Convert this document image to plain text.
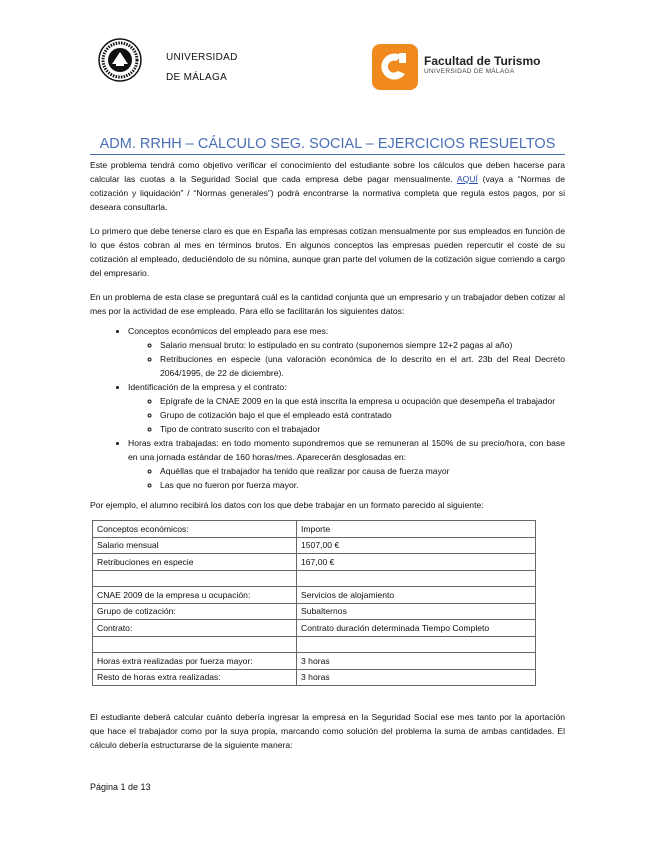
UNIVERSIDAD
DE MÁLAGA
Facultad de Turismo
UNIVERSIDAD DE MÁLAGA
ADM. RRHH – CÁLCULO SEG. SOCIAL – EJERCICIOS RESUELTOS

Este problema tendrá como objetivo verificar el conocimiento del estudiante sobre los cálculos que deben hacerse para calcular las cuotas a la Seguridad Social que cada empresa debe pagar mensualmente. AQUÍ (vaya a “Normas de cotización y liquidación” / “Normas generales”) podrá encontrarse la normativa completa que regula estos pagos, por si deseara consultarla.

Lo primero que debe tenerse claro es que en España las empresas cotizan mensualmente por sus empleados en función de lo que éstos cobran al mes en términos brutos. En algunos conceptos las empresas pueden repercutir el coste de su cotización al empleado, deduciéndolo de su nómina, aunque gran parte del volumen de la cotización sigue corriendo a cargo del empresario.

En un problema de esta clase se preguntará cuál es la cantidad conjunta que un empresario y un trabajador deben cotizar al mes por la actividad de ese empleado. Para ello se facilitarán los siguientes datos:

• Conceptos económicos del empleado para ese mes:
◦ Salario mensual bruto: lo estipulado en su contrato (suponemos siempre 12+2 pagas al año)
◦ Retribuciones en especie (una valoración económica de lo descrito en el art. 23b del Real Decreto 2064/1995, de 22 de diciembre).
• Identificación de la empresa y el contrato:
◦ Epígrafe de la CNAE 2009 en la que está inscrita la empresa u ocupación que desempeña el trabajador
◦ Grupo de cotización bajo el que el empleado está contratado
◦ Tipo de contrato suscrito con el trabajador
• Horas extra trabajadas: en todo momento supondremos que se remuneran al 150% de su precio/hora, con base en una jornada estándar de 160 horas/mes. Aparecerán desglosadas en:
◦ Aquéllas que el trabajador ha tenido que realizar por causa de fuerza mayor
◦ Las que no fueron por fuerza mayor.

Por ejemplo, el alumno recibirá los datos con los que debe trabajar en un formato parecido al siguiente:

Conceptos económicos:	Importe
Salario mensual	1507,00 €
Retribuciones en especie	167,00 €

CNAE 2009 de la empresa u ocupación:	Servicios de alojamiento
Grupo de cotización:	Subalternos
Contrato:	Contrato duración determinada Tiempo Completo

Horas extra realizadas por fuerza mayor:	3 horas
Resto de horas extra realizadas:	3 horas

El estudiante deberá calcular cuánto debería ingresar la empresa en la Seguridad Social ese mes tanto por la aportación que hace el trabajador como por la suya propia, marcando como solución del problema la suma de ambas cantidades. El cálculo debería estructurarse de la siguiente manera:

Página 1 de 13
